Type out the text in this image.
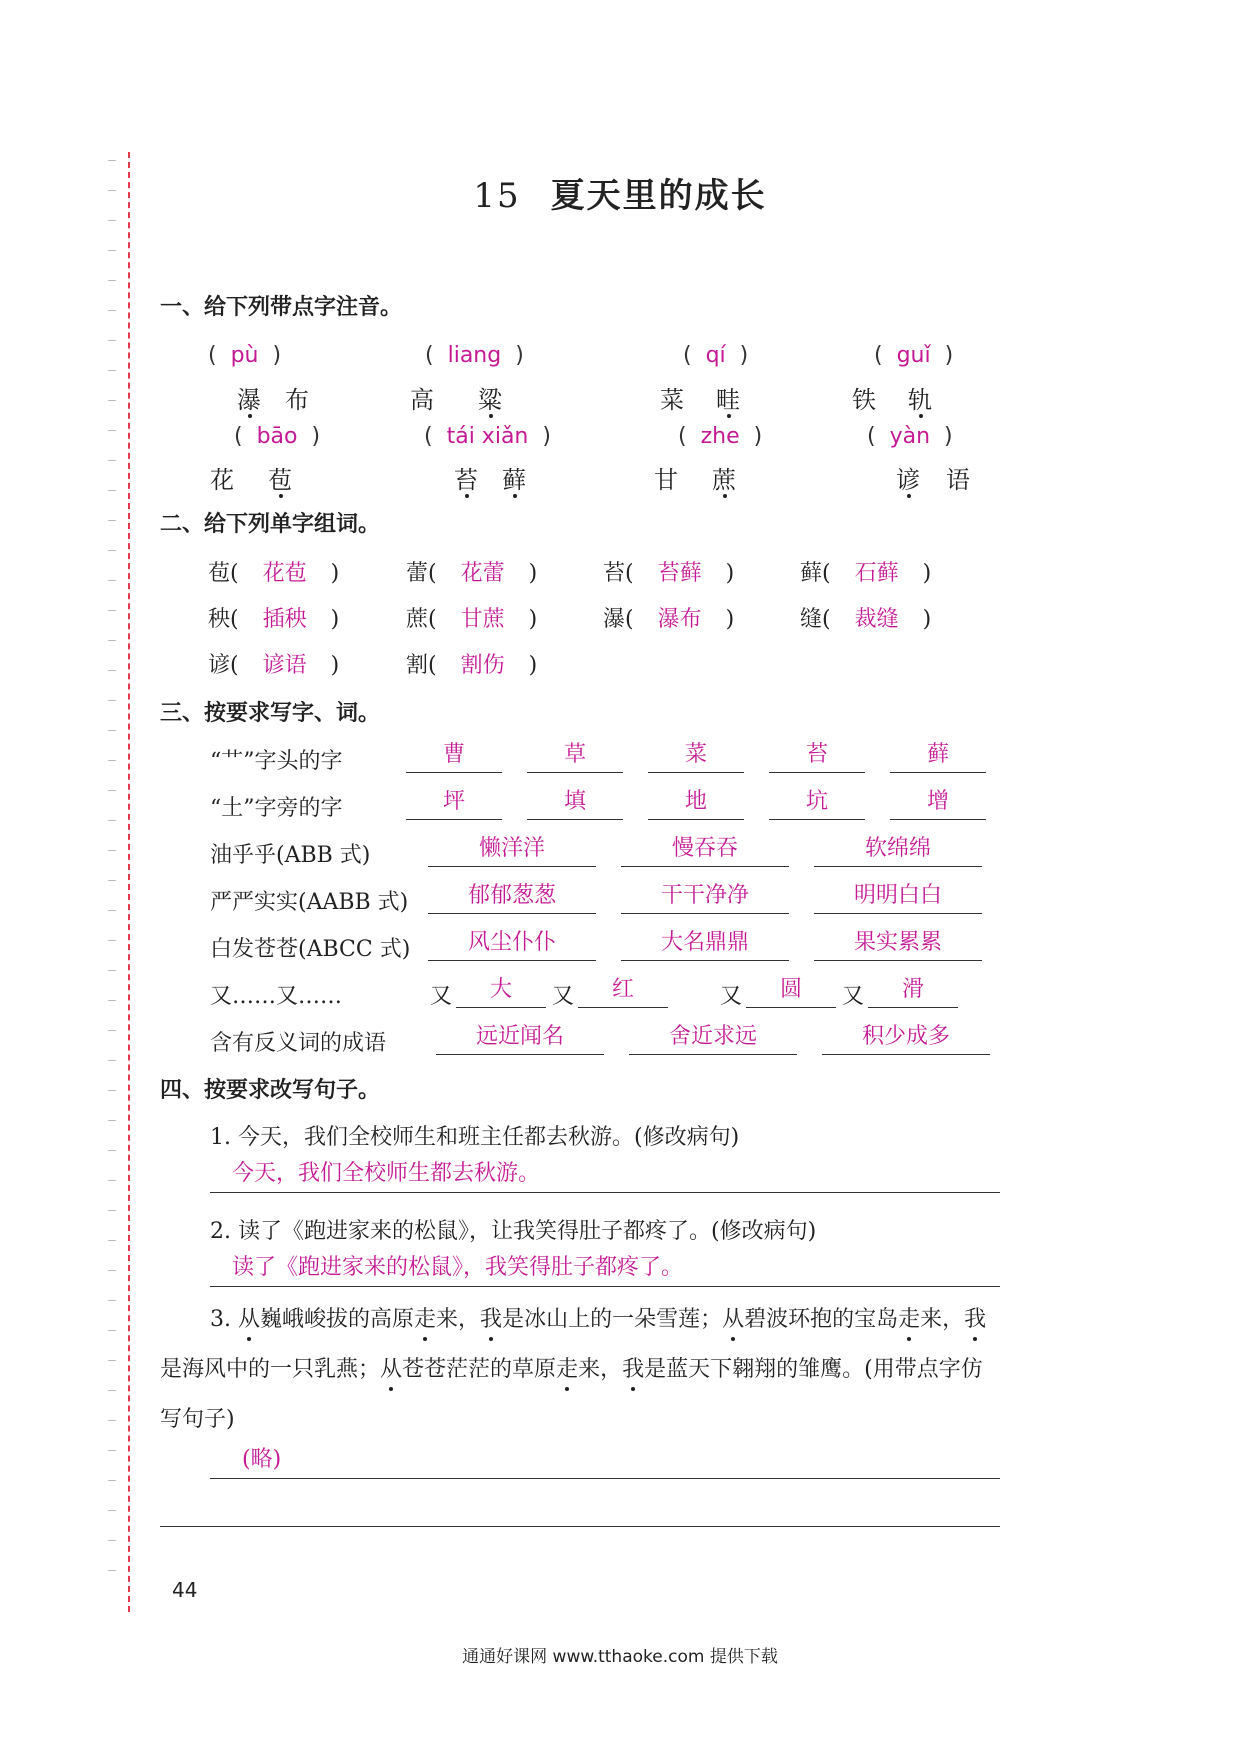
15 夏天里的成长
一、给下列带点字注音。
( pù )	( liang )	( qí )	( guǐ )
瀑 布	高 粱	菜 畦	铁 轨
( bāo )	( tái xiǎn )	( zhe )	( yàn )
花 苞	苔 藓	甘 蔗	谚 语
二、给下列单字组词。
苞( 花苞 )	蕾( 花蕾 )	苔( 苔藓 )	藓( 石藓 )
秧( 插秧 )	蔗( 甘蔗 )	瀑( 瀑布 )	缝( 裁缝 )
谚( 谚语 )	割( 割伤 )
三、按要求写字、词。
“艹”字头的字	曹	草	菜	苔	藓
“土”字旁的字	坪	填	地	坑	增
油乎乎(ABB 式)	懒洋洋	慢吞吞	软绵绵
严严实实(AABB 式)	郁郁葱葱	干干净净	明明白白
白发苍苍(ABCC 式)	风尘仆仆	大名鼎鼎	果实累累
又……又……	又	大	又	红	又	圆	又	滑
含有反义词的成语	远近闻名	舍近求远	积少成多
四、按要求改写句子。
1. 今天，我们全校师生和班主任都去秋游。(修改病句)
今天，我们全校师生都去秋游。
2. 读了《跑进家来的松鼠》，让我笑得肚子都疼了。(修改病句)
读了《跑进家来的松鼠》，我笑得肚子都疼了。
3. 从巍峨峻拔的高原走来，我是冰山上的一朵雪莲；从碧波环抱的宝岛走来，我是海风中的一只乳燕；从苍苍茫茫的草原走来，我是蓝天下翱翔的雏鹰。(用带点字仿写句子)
(略)
44
通通好课网 www.tthaoke.com 提供下载
